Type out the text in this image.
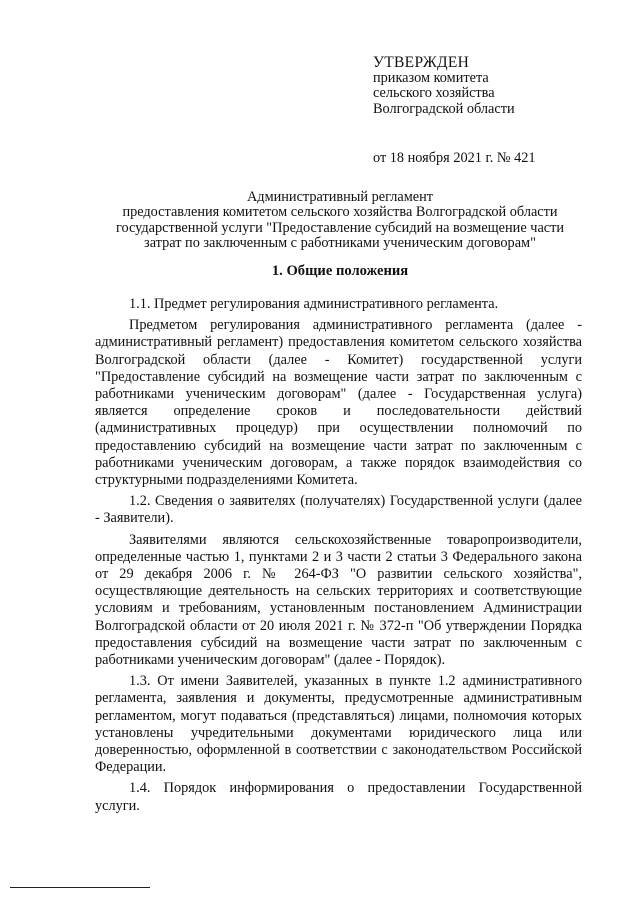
УТВЕРЖДЕН
приказом комитета
сельского хозяйства
Волгоградской области
от 18 ноября 2021 г. № 421
Административный регламент
предоставления комитетом сельского хозяйства Волгоградской области
государственной услуги "Предоставление субсидий на возмещение части
затрат по заключенным с работниками ученическим договорам"
1. Общие положения

1.1. Предмет регулирования административного регламента.

Предметом регулирования административного регламента (далее - административный регламент) предоставления комитетом сельского хозяйства Волгоградской области (далее - Комитет) государственной услуги "Предоставление субсидий на возмещение части затрат по заключенным с работниками ученическим договорам" (далее - Государственная услуга) является определение сроков и последовательности действий (административных процедур) при осуществлении полномочий по предоставлению субсидий на возмещение части затрат по заключенным с работниками ученическим договорам, а также порядок взаимодействия со структурными подразделениями Комитета.

1.2. Сведения о заявителях (получателях) Государственной услуги (далее - Заявители).

Заявителями являются сельскохозяйственные товаропроизводители, определенные частью 1, пунктами 2 и 3 части 2 статьи 3 Федерального закона от 29 декабря 2006 г. № 264-ФЗ "О развитии сельского хозяйства", осуществляющие деятельность на сельских территориях и соответствующие условиям и требованиям, установленным постановлением Администрации Волгоградской области от 20 июля 2021 г. № 372-п "Об утверждении Порядка предоставления субсидий на возмещение части затрат по заключенным с работниками ученическим договорам" (далее - Порядок).

1.3. От имени Заявителей, указанных в пункте 1.2 административного регламента, заявления и документы, предусмотренные административным регламентом, могут подаваться (представляться) лицами, полномочия которых установлены учредительными документами юридического лица или доверенностью, оформленной в соответствии с законодательством Российской Федерации.

1.4. Порядок информирования о предоставлении Государственной услуги.
